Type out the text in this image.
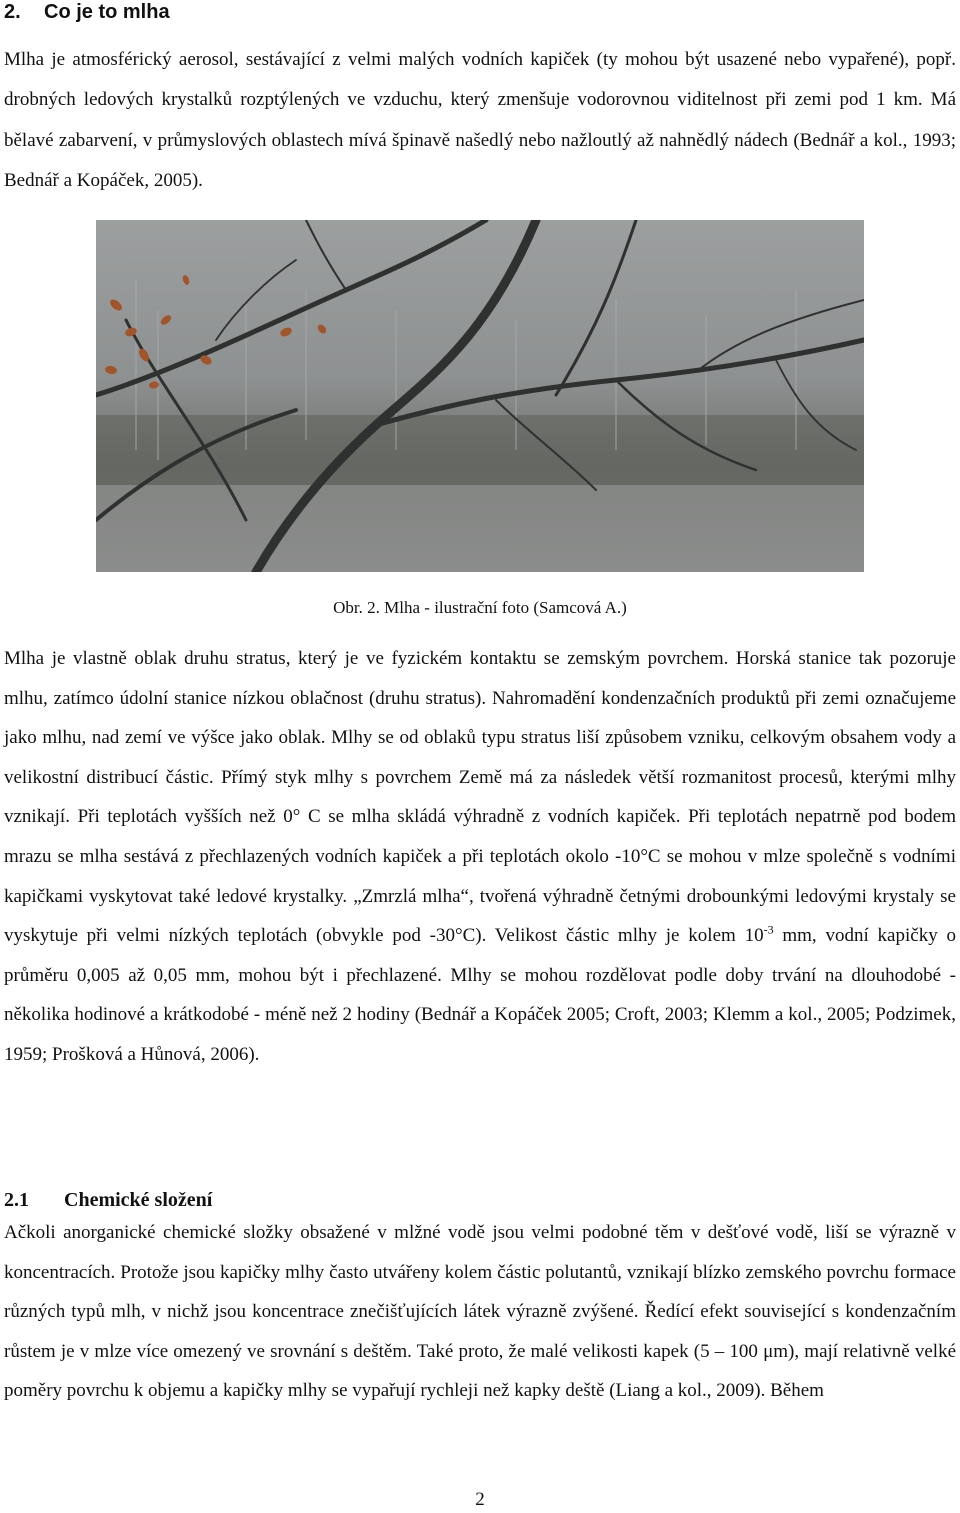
2. Co je to mlha

Mlha je atmosférický aerosol, sestávající z velmi malých vodních kapiček (ty mohou být usazené nebo vypařené), popř. drobných ledových krystalků rozptýlených ve vzduchu, který zmenšuje vodorovnou viditelnost při zemi pod 1 km. Má bělavé zabarvení, v průmyslových oblastech mívá špinavě našedlý nebo nažloutlý až nahnědlý nádech (Bednář a kol., 1993; Bednář a Kopáček, 2005).

Obr. 2. Mlha - ilustrační foto (Samcová A.)

Mlha je vlastně oblak druhu stratus, který je ve fyzickém kontaktu se zemským povrchem. Horská stanice tak pozoruje mlhu, zatímco údolní stanice nízkou oblačnost (druhu stratus). Nahromadění kondenzačních produktů při zemi označujeme jako mlhu, nad zemí ve výšce jako oblak. Mlhy se od oblaků typu stratus liší způsobem vzniku, celkovým obsahem vody a velikostní distribucí částic. Přímý styk mlhy s povrchem Země má za následek větší rozmanitost procesů, kterými mlhy vznikají. Při teplotách vyšších než 0° C se mlha skládá výhradně z vodních kapiček. Při teplotách nepatrně pod bodem mrazu se mlha sestává z přechlazených vodních kapiček a při teplotách okolo -10°C se mohou v mlze společně s vodními kapičkami vyskytovat také ledové krystalky. „Zmrzlá mlha“, tvořená výhradně četnými drobounkými ledovými krystaly se vyskytuje při velmi nízkých teplotách (obvykle pod -30°C). Velikost částic mlhy je kolem $10^{-3}$ mm, vodní kapičky o průměru 0,005 až 0,05 mm, mohou být i přechlazené. Mlhy se mohou rozdělovat podle doby trvání na dlouhodobé - několika hodinové a krátkodobé - méně než 2 hodiny (Bednář a Kopáček 2005; Croft, 2003; Klemm a kol., 2005; Podzimek, 1959; Prošková a Hůnová, 2006).

2.1 Chemické složení

Ačkoli anorganické chemické složky obsažené v mlžné vodě jsou velmi podobné těm v dešťové vodě, liší se výrazně v koncentracích. Protože jsou kapičky mlhy často utvářeny kolem částic polutantů, vznikají blízko zemského povrchu formace různých typů mlh, v nichž jsou koncentrace znečišťujících látek výrazně zvýšené. Ředící efekt související s kondenzačním růstem je v mlze více omezený ve srovnání s deštěm. Také proto, že malé velikosti kapek (5 – 100 μm), mají relativně velké poměry povrchu k objemu a kapičky mlhy se vypařují rychleji než kapky deště (Liang a kol., 2009). Během

2
